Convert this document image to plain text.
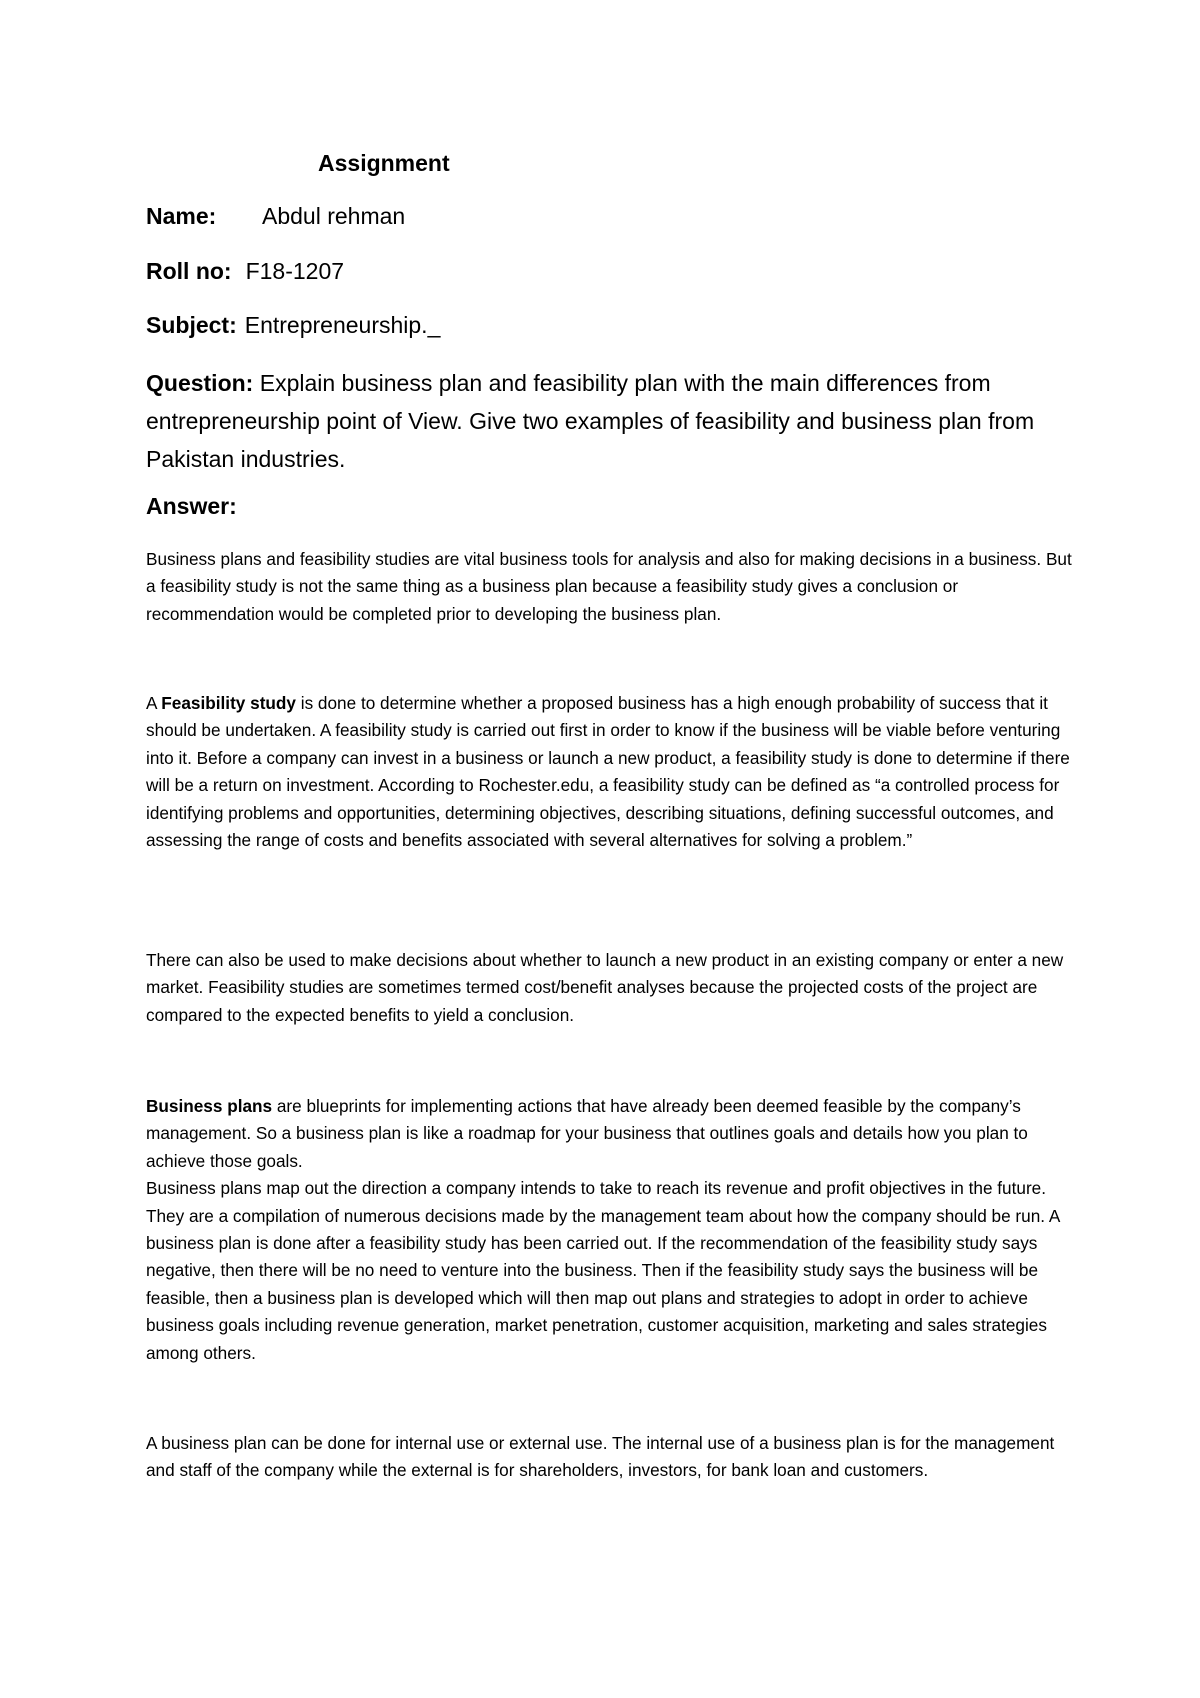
Assignment
Name: Abdul rehman
Roll no: F18-1207
Subject: Entrepreneurship._
Question: Explain business plan and feasibility plan with the main differences from entrepreneurship point of View. Give two examples of feasibility and business plan from Pakistan industries.
Answer:
Business plans and feasibility studies are vital business tools for analysis and also for making decisions in a business. But a feasibility study is not the same thing as a business plan because a feasibility study gives a conclusion or recommendation would be completed prior to developing the business plan.
A Feasibility study is done to determine whether a proposed business has a high enough probability of success that it should be undertaken. A feasibility study is carried out first in order to know if the business will be viable before venturing into it. Before a company can invest in a business or launch a new product, a feasibility study is done to determine if there will be a return on investment. According to Rochester.edu, a feasibility study can be defined as “a controlled process for identifying problems and opportunities, determining objectives, describing situations, defining successful outcomes, and assessing the range of costs and benefits associated with several alternatives for solving a problem.”
There can also be used to make decisions about whether to launch a new product in an existing company or enter a new market. Feasibility studies are sometimes termed cost/benefit analyses because the projected costs of the project are compared to the expected benefits to yield a conclusion.
Business plans are blueprints for implementing actions that have already been deemed feasible by the company’s management. So a business plan is like a roadmap for your business that outlines goals and details how you plan to achieve those goals.
Business plans map out the direction a company intends to take to reach its revenue and profit objectives in the future. They are a compilation of numerous decisions made by the management team about how the company should be run. A business plan is done after a feasibility study has been carried out. If the recommendation of the feasibility study says negative, then there will be no need to venture into the business. Then if the feasibility study says the business will be feasible, then a business plan is developed which will then map out plans and strategies to adopt in order to achieve business goals including revenue generation, market penetration, customer acquisition, marketing and sales strategies among others.
A business plan can be done for internal use or external use. The internal use of a business plan is for the management and staff of the company while the external is for shareholders, investors, for bank loan and customers.
